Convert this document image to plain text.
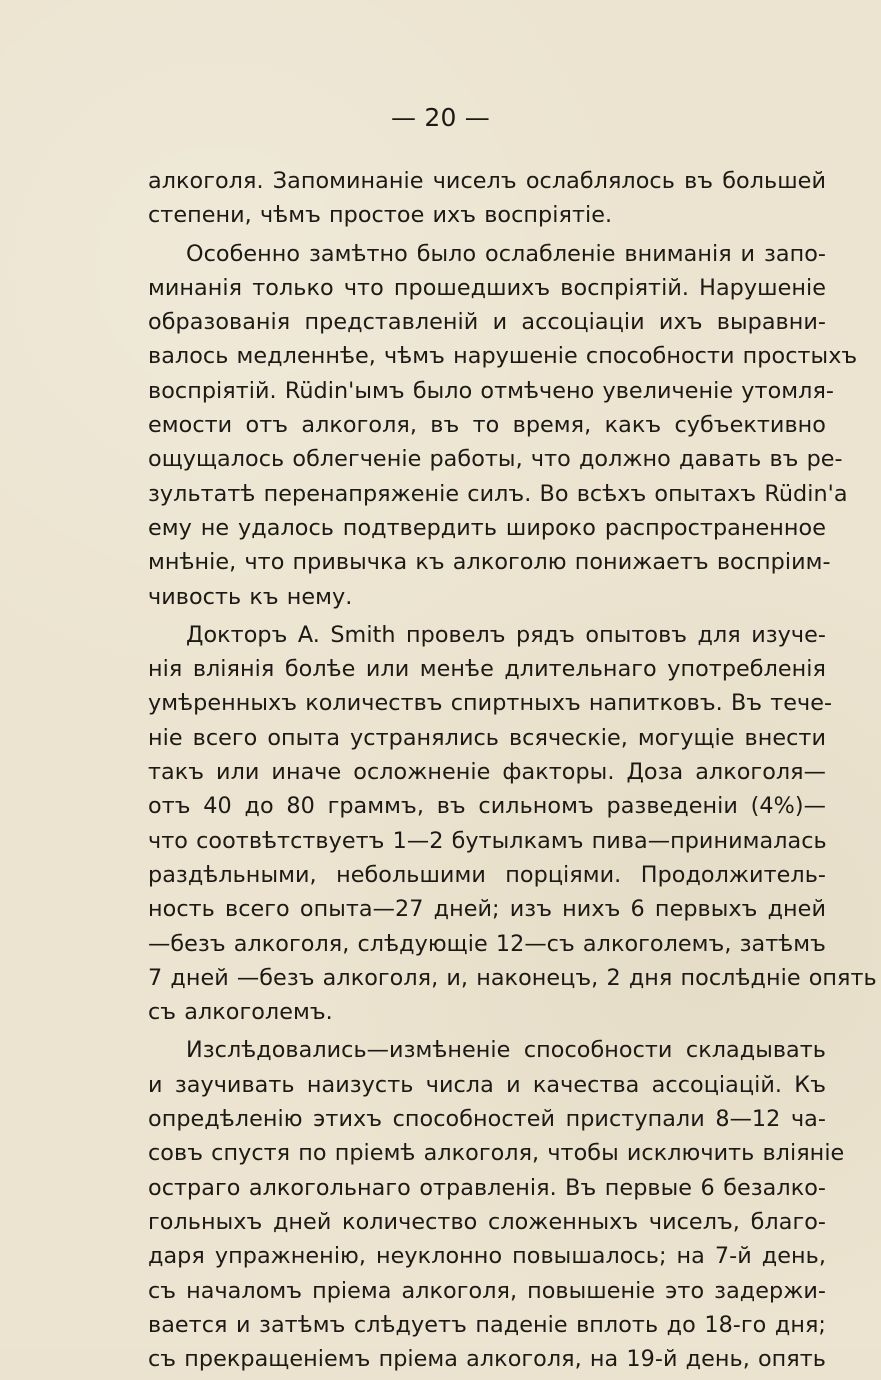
— 20 —
алкоголя. Запоминанiе чиселъ ослаблялось въ большей
степени, чѣмъ простое ихъ воспрiятiе.
Особенно замѣтно было ослабленiе вниманiя и запо-
минанiя только что прошедшихъ воспрiятiй. Нарушенiе
образованiя представленiй и ассоцiацiи ихъ выравни-
валось медленнѣе, чѣмъ нарушенiе способности простыхъ
воспрiятiй. Rüdin'ымъ было отмѣчено увеличенiе утомля-
емости отъ алкоголя, въ то время, какъ субъективно
ощущалось облегченiе работы, что должно давать въ ре-
зультатѣ перенапряженiе силъ. Во всѣхъ опытахъ Rüdin'a
ему не удалось подтвердить широко распространенное
мнѣнiе, что привычка къ алкоголю понижаетъ воспрiим-
чивость къ нему.
Докторъ A. Smith провелъ рядъ опытовъ для изуче-
нiя влiянiя болѣе или менѣе длительнаго употребленiя
умѣренныхъ количествъ спиртныхъ напитковъ. Въ тече-
нiе всего опыта устранялись всяческiе, могущiе внести
такъ или иначе осложненiе факторы. Доза алкоголя—
отъ 40 до 80 граммъ, въ сильномъ разведенiи (4%)—
что соотвѣтствуетъ 1—2 бутылкамъ пива—принималась
раздѣльными, небольшими порцiями. Продолжитель-
ность всего опыта—27 дней; изъ нихъ 6 первыхъ дней
—безъ алкоголя, слѣдующiе 12—съ алкоголемъ, затѣмъ
7 дней —безъ алкоголя, и, наконецъ, 2 дня послѣднiе опять
съ алкоголемъ.
Изслѣдовались—измѣненiе способности складывать
и заучивать наизусть числа и качества ассоцiацiй. Къ
опредѣленiю этихъ способностей приступали 8—12 ча-
совъ спустя по прiемѣ алкоголя, чтобы исключить влiянiе
остраго алкогольнаго отравленiя. Въ первые 6 безалко-
гольныхъ дней количество сложенныхъ чиселъ, благо-
даря упражненiю, неуклонно повышалось; на 7-й день,
съ началомъ прiема алкоголя, повышенiе это задержи-
вается и затѣмъ слѣдуетъ паденiе вплоть до 18-го дня;
съ прекращенiемъ прiема алкоголя, на 19-й день, опять
